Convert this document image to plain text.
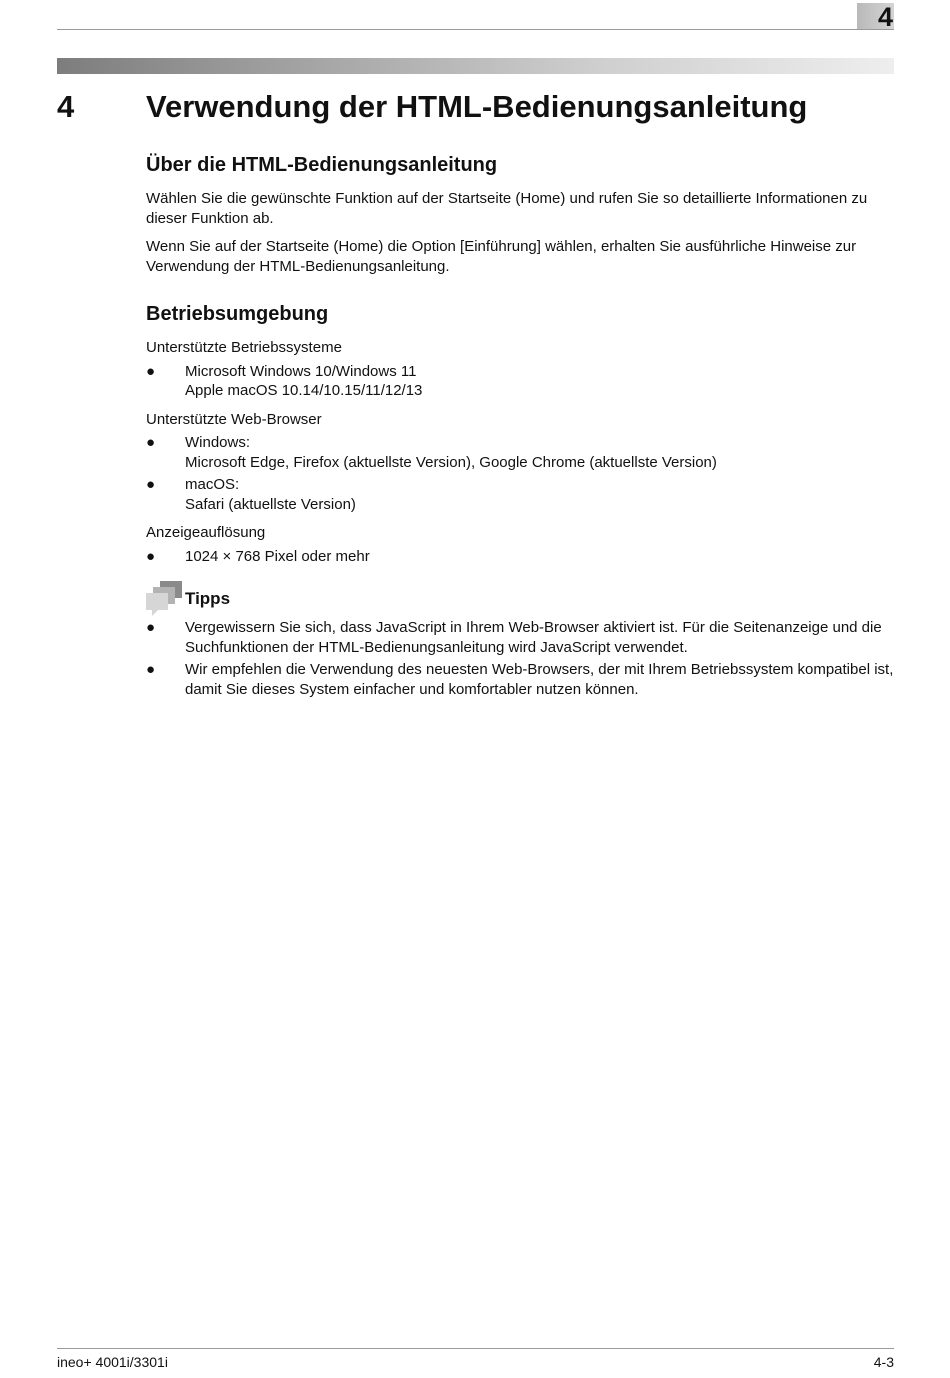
4
4 Verwendung der HTML-Bedienungsanleitung
Über die HTML-Bedienungsanleitung

Wählen Sie die gewünschte Funktion auf der Startseite (Home) und rufen Sie so detaillierte Informationen zu dieser Funktion ab.

Wenn Sie auf der Startseite (Home) die Option [Einführung] wählen, erhalten Sie ausführliche Hinweise zur Verwendung der HTML-Bedienungsanleitung.

Betriebsumgebung

Unterstützte Betriebssysteme

● Microsoft Windows 10/Windows 11
Apple macOS 10.14/10.15/11/12/13

Unterstützte Web-Browser

● Windows:
Microsoft Edge, Firefox (aktuellste Version), Google Chrome (aktuellste Version)
● macOS:
Safari (aktuellste Version)

Anzeigeauflösung

● 1024 × 768 Pixel oder mehr
Tipps
● Vergewissern Sie sich, dass JavaScript in Ihrem Web-Browser aktiviert ist. Für die Seitenanzeige und die Suchfunktionen der HTML-Bedienungsanleitung wird JavaScript verwendet.
● Wir empfehlen die Verwendung des neuesten Web-Browsers, der mit Ihrem Betriebssystem kompatibel ist, damit Sie dieses System einfacher und komfortabler nutzen können.
ineo+ 4001i/3301i	4-3
